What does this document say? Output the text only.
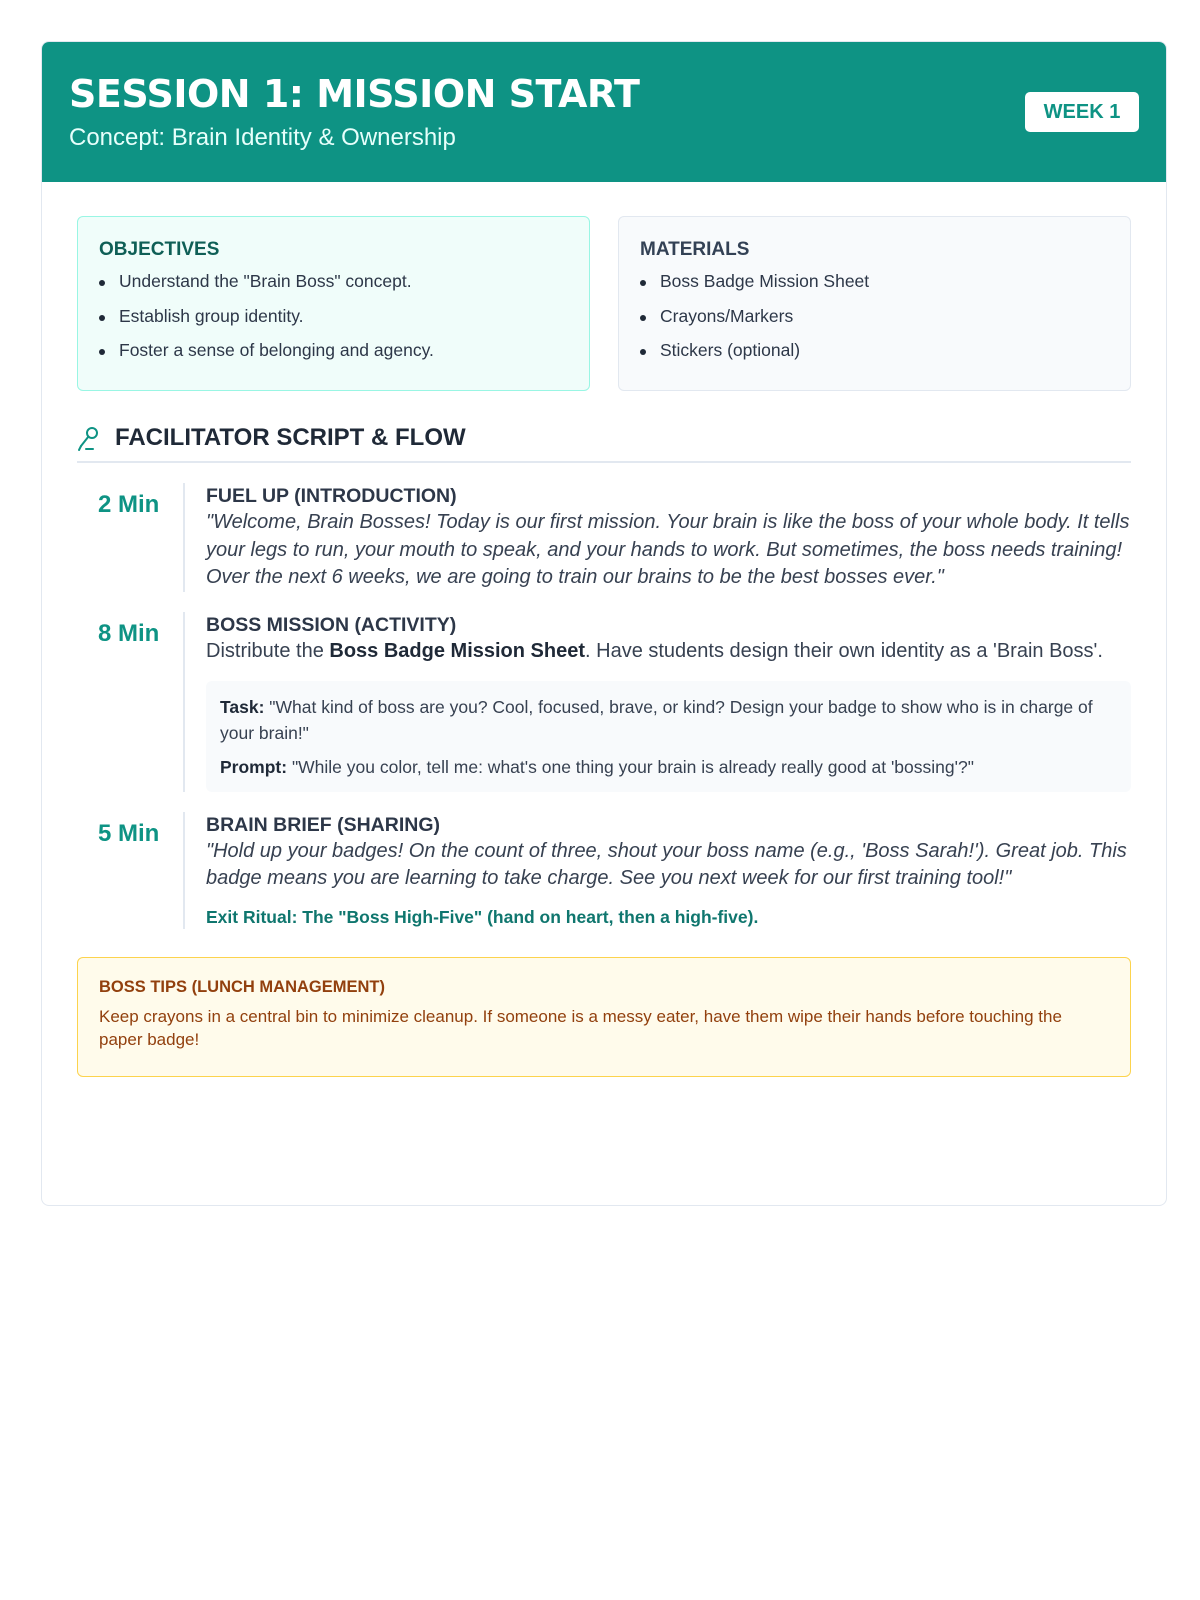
SESSION 1: MISSION START
Concept: Brain Identity & Ownership
WEEK 1
OBJECTIVES
Understand the "Brain Boss" concept.
Establish group identity.
Foster a sense of belonging and agency.
MATERIALS
Boss Badge Mission Sheet
Crayons/Markers
Stickers (optional)
FACILITATOR SCRIPT & FLOW
2 Min	FUEL UP (INTRODUCTION)
"Welcome, Brain Bosses! Today is our first mission. Your brain is like the boss of your whole body. It tells your legs to run, your mouth to speak, and your hands to work. But sometimes, the boss needs training! Over the next 6 weeks, we are going to train our brains to be the best bosses ever."
8 Min	BOSS MISSION (ACTIVITY)
Distribute the Boss Badge Mission Sheet. Have students design their own identity as a 'Brain Boss'.

Task: "What kind of boss are you? Cool, focused, brave, or kind? Design your badge to show who is in charge of your brain!"

Prompt: "While you color, tell me: what's one thing your brain is already really good at 'bossing'?"

5 Min	BRAIN BRIEF (SHARING)
"Hold up your badges! On the count of three, shout your boss name (e.g., 'Boss Sarah!'). Great job. This badge means you are learning to take charge. See you next week for our first training tool!"
Exit Ritual: The "Boss High-Five" (hand on heart, then a high-five).
BOSS TIPS (LUNCH MANAGEMENT)

Keep crayons in a central bin to minimize cleanup. If someone is a messy eater, have them wipe their hands before touching the paper badge!
